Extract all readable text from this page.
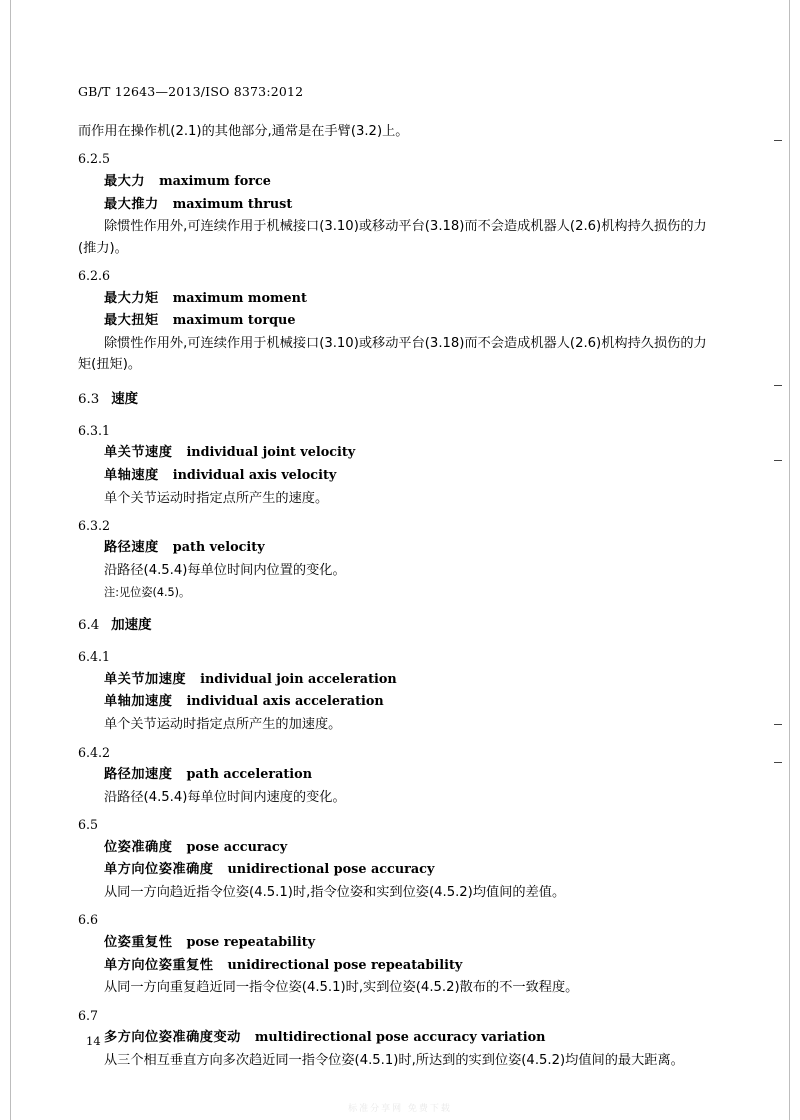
GB/T 12643—2013/ISO 8373:2012
而作用在操作机(2.1)的其他部分,通常是在手臂(3.2)上。
6.2.5
最大力 maximum force
最大推力 maximum thrust
除惯性作用外,可连续作用于机械接口(3.10)或移动平台(3.18)而不会造成机器人(2.6)机构持久损伤的力(推力)。
6.2.6
最大力矩 maximum moment
最大扭矩 maximum torque
除惯性作用外,可连续作用于机械接口(3.10)或移动平台(3.18)而不会造成机器人(2.6)机构持久损伤的力矩(扭矩)。
6.3 速度
6.3.1
单关节速度 individual joint velocity
单轴速度 individual axis velocity
单个关节运动时指定点所产生的速度。
6.3.2
路径速度 path velocity
沿路径(4.5.4)每单位时间内位置的变化。
注:见位姿(4.5)。
6.4 加速度
6.4.1
单关节加速度 individual join acceleration
单轴加速度 individual axis acceleration
单个关节运动时指定点所产生的加速度。
6.4.2
路径加速度 path acceleration
沿路径(4.5.4)每单位时间内速度的变化。
6.5
位姿准确度 pose accuracy
单方向位姿准确度 unidirectional pose accuracy
从同一方向趋近指令位姿(4.5.1)时,指令位姿和实到位姿(4.5.2)均值间的差值。
6.6
位姿重复性 pose repeatability
单方向位姿重复性 unidirectional pose repeatability
从同一方向重复趋近同一指令位姿(4.5.1)时,实到位姿(4.5.2)散布的不一致程度。
6.7
多方向位姿准确度变动 multidirectional pose accuracy variation
从三个相互垂直方向多次趋近同一指令位姿(4.5.1)时,所达到的实到位姿(4.5.2)均值间的最大距离。
14
标准分享网 免费下载
